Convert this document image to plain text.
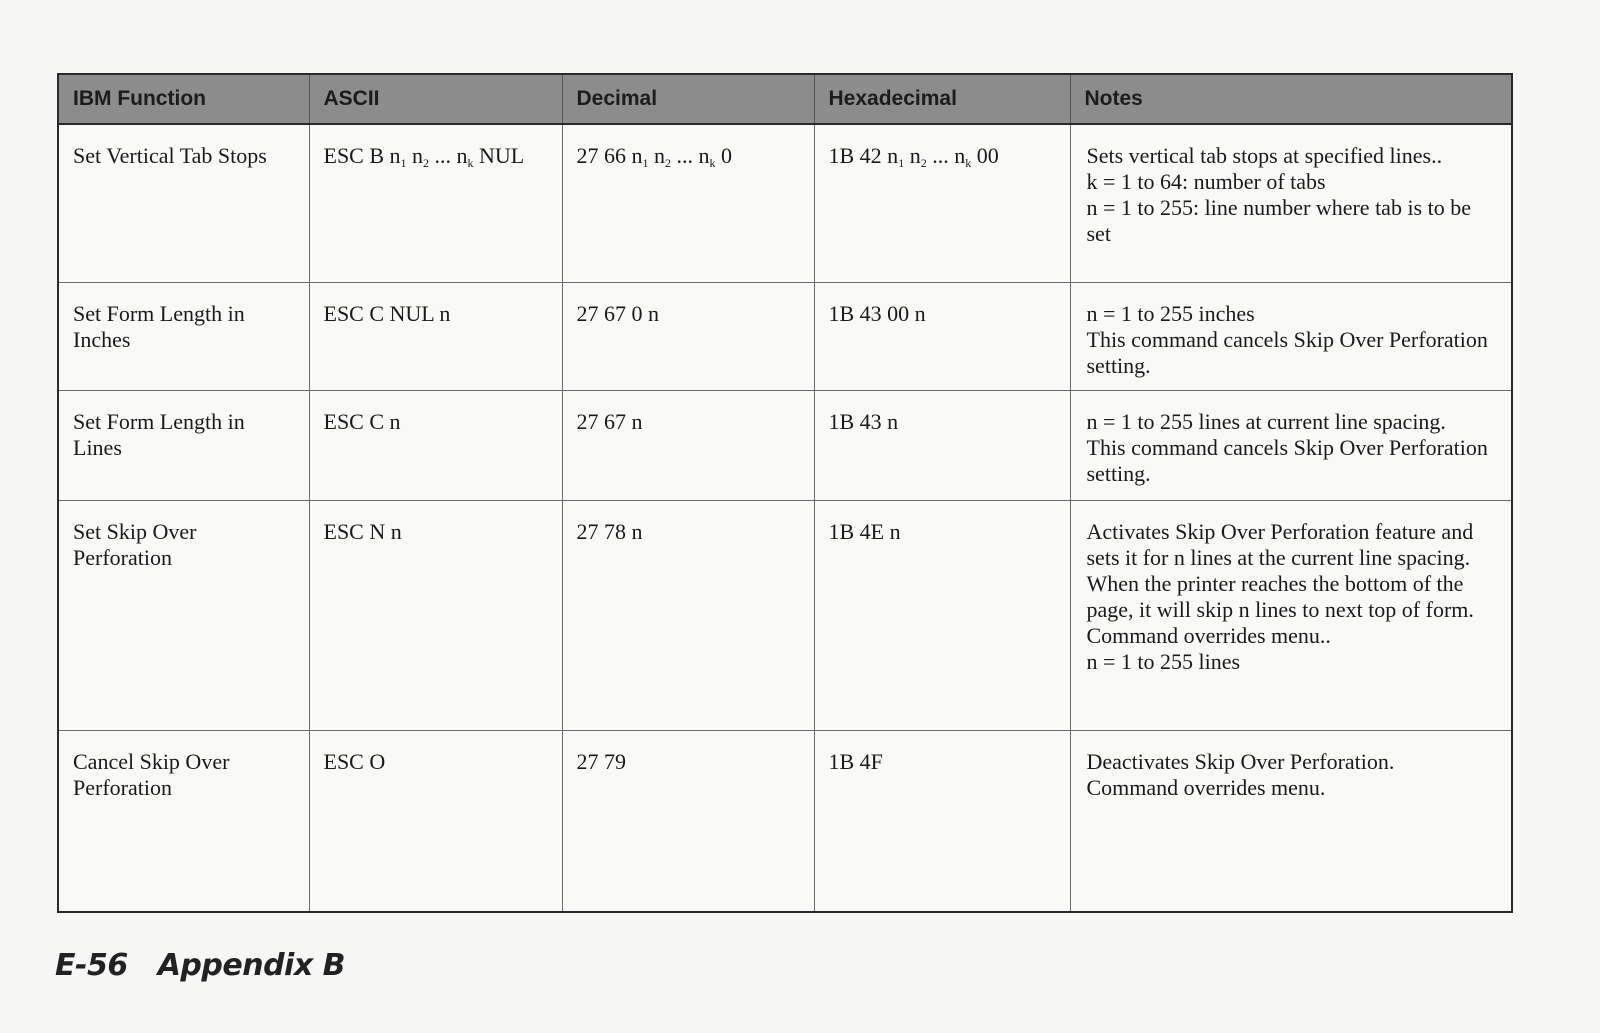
IBM Function	ASCII	Decimal	Hexadecimal	Notes
Set Vertical Tab Stops	ESC B $n_1$ $n_2$ ... $n_k$ NUL	27 66 $n_1$ $n_2$ ... $n_k$ 0	1B 42 $n_1$ $n_2$ ... $n_k$ 00	Sets vertical tab stops at specified lines..
k = 1 to 64: number of tabs
n = 1 to 255: line number where tab is to be set

Set Form Length in Inches	ESC C NUL n	27 67 0 n	1B 43 00 n	n = 1 to 255 inches
This command cancels Skip Over Perforation setting.

Set Form Length in Lines	ESC C n	27 67 n	1B 43 n	n = 1 to 255 lines at current line spacing.
This command cancels Skip Over Perforation setting.

Set Skip Over Perforation	ESC N n	27 78 n	1B 4E n	Activates Skip Over Perforation feature and sets it for n lines at the current line spacing. When the printer reaches the bottom of the page, it will skip n lines to next top of form. Command overrides menu..
n = 1 to 255 lines

Cancel Skip Over Perforation	ESC O	27 79	1B 4F	Deactivates Skip Over Perforation.
Command overrides menu.
E-56 Appendix B
